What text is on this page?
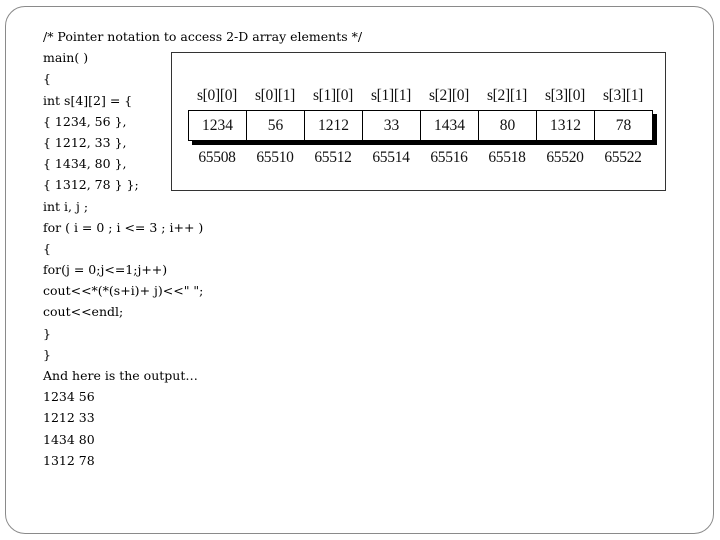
/* Pointer notation to access 2-D array elements */
main( )
{
int s[4][2] = {
{ 1234, 56 },
{ 1212, 33 },
{ 1434, 80 },
{ 1312, 78 } };
int i, j ;
for ( i = 0 ; i <= 3 ; i++ )
{
for(j = 0;j<=1;j++)
cout<<*(*(s+i)+ j)<<" ";
cout<<endl;
}
}
And here is the output…
1234 56
1212 33
1434 80
1312 78
s[0][0]	s[0][1]	s[1][0]	s[1][1]	s[2][0]	s[2][1]	s[3][0]	s[3][1]
1234	56	1212	33	1434	80	1312	78
65508	65510	65512	65514	65516	65518	65520	65522
